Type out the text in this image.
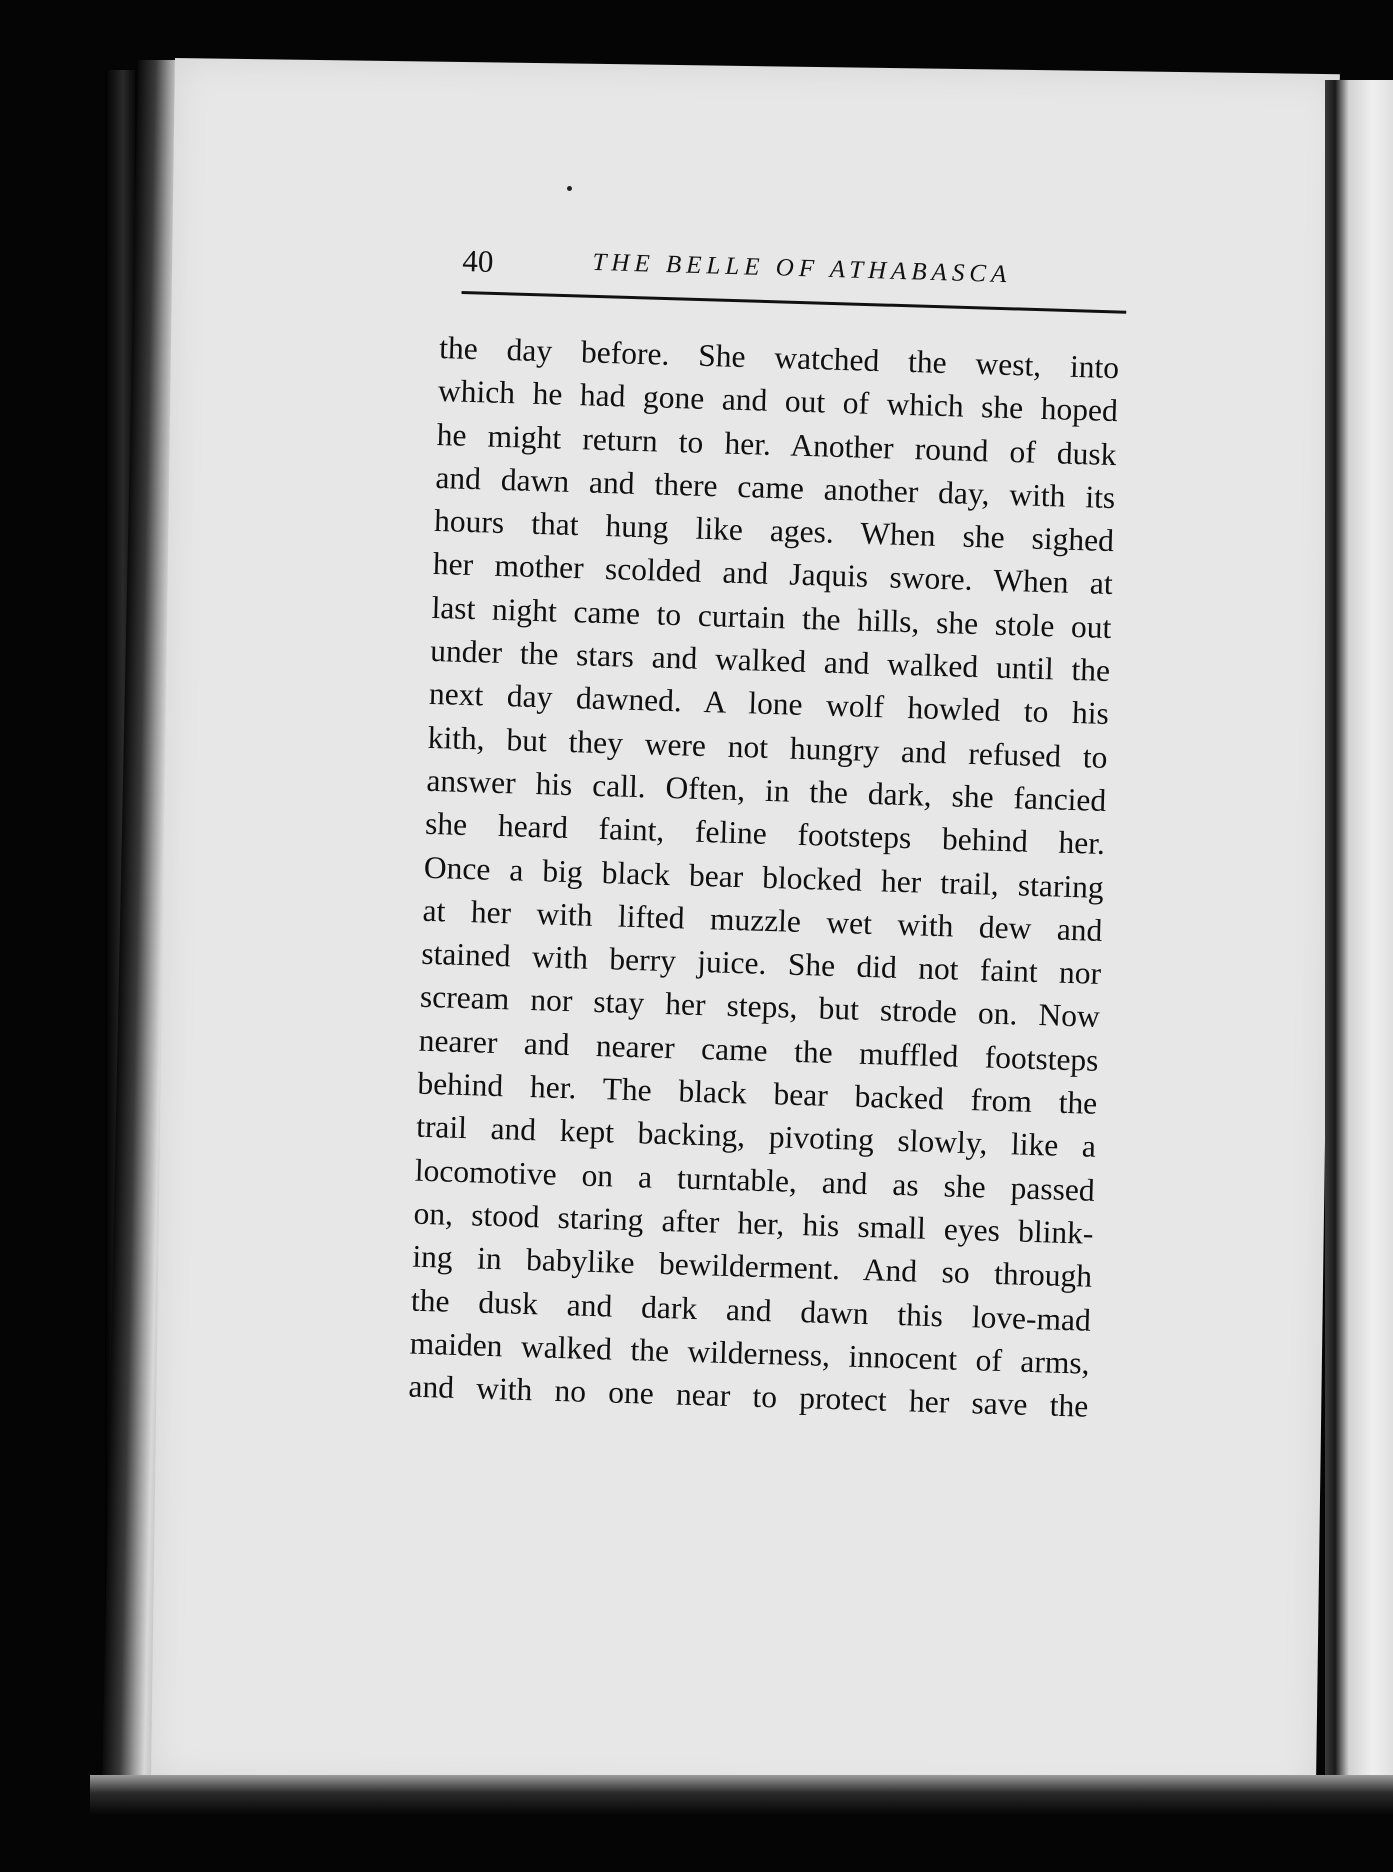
40	THE BELLE OF ATHABASCA
the day before. She watched the west, into
which he had gone and out of which she hoped
he might return to her. Another round of dusk
and dawn and there came another day, with its
hours that hung like ages. When she sighed
her mother scolded and Jaquis swore. When at
last night came to curtain the hills, she stole out
under the stars and walked and walked until the
next day dawned. A lone wolf howled to his
kith, but they were not hungry and refused to
answer his call. Often, in the dark, she fancied
she heard faint, feline footsteps behind her.
Once a big black bear blocked her trail, staring
at her with lifted muzzle wet with dew and
stained with berry juice. She did not faint nor
scream nor stay her steps, but strode on. Now
nearer and nearer came the muffled footsteps
behind her. The black bear backed from the
trail and kept backing, pivoting slowly, like a
locomotive on a turntable, and as she passed
on, stood staring after her, his small eyes blink-
ing in babylike bewilderment. And so through
the dusk and dark and dawn this love-mad
maiden walked the wilderness, innocent of arms,
and with no one near to protect her save the
